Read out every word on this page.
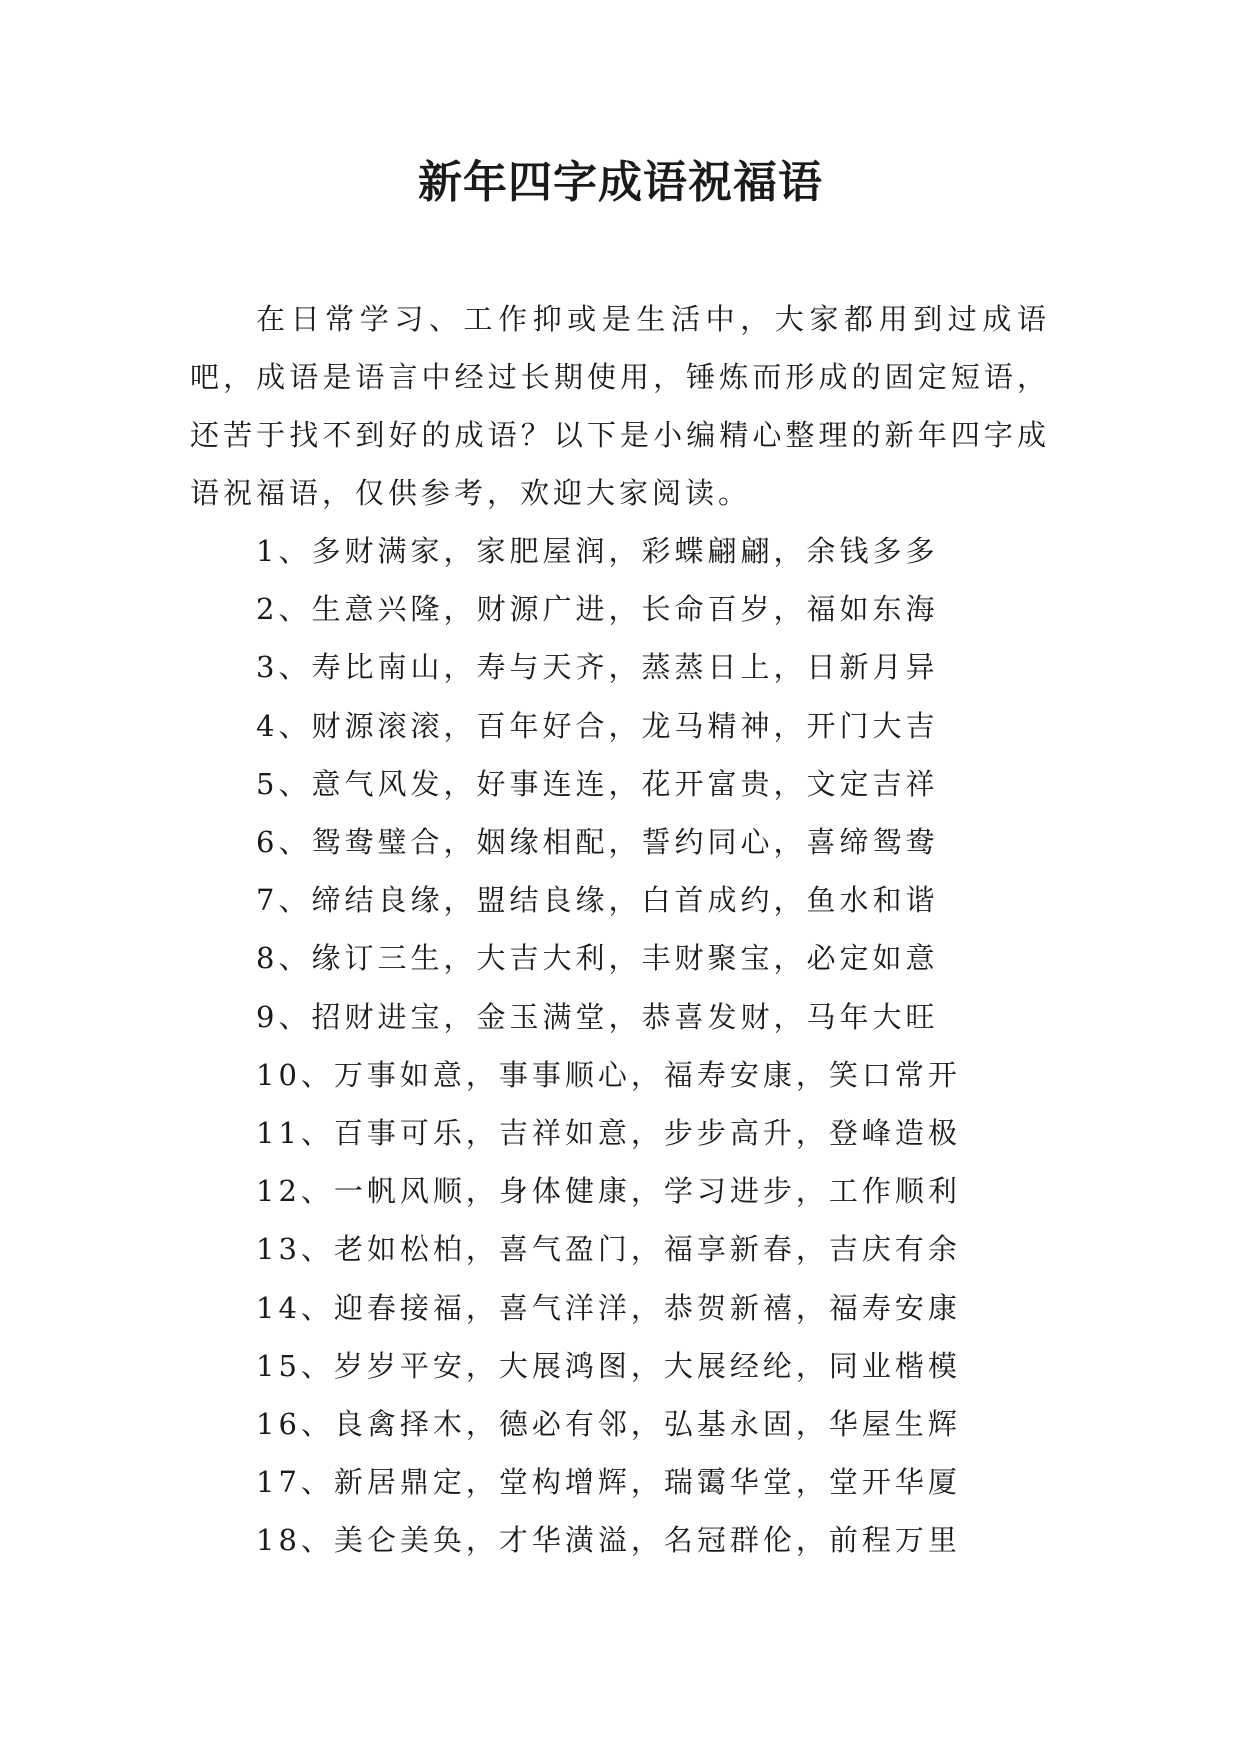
新年四字成语祝福语

在日常学习、工作抑或是生活中，大家都用到过成语吧，成语是语言中经过长期使用，锤炼而形成的固定短语，还苦于找不到好的成语？以下是小编精心整理的新年四字成语祝福语，仅供参考，欢迎大家阅读。

1、多财满家，家肥屋润，彩蝶翩翩，余钱多多
2、生意兴隆，财源广进，长命百岁，福如东海
3、寿比南山，寿与天齐，蒸蒸日上，日新月异
4、财源滚滚，百年好合，龙马精神，开门大吉
5、意气风发，好事连连，花开富贵，文定吉祥
6、鸳鸯璧合，姻缘相配，誓约同心，喜缔鸳鸯
7、缔结良缘，盟结良缘，白首成约，鱼水和谐
8、缘订三生，大吉大利，丰财聚宝，必定如意
9、招财进宝，金玉满堂，恭喜发财，马年大旺
10、万事如意，事事顺心，福寿安康，笑口常开
11、百事可乐，吉祥如意，步步高升，登峰造极
12、一帆风顺，身体健康，学习进步，工作顺利
13、老如松柏，喜气盈门，福享新春，吉庆有余
14、迎春接福，喜气洋洋，恭贺新禧，福寿安康
15、岁岁平安，大展鸿图，大展经纶，同业楷模
16、良禽择木，德必有邻，弘基永固，华屋生辉
17、新居鼎定，堂构增辉，瑞霭华堂，堂开华厦
18、美仑美奂，才华潢溢，名冠群伦，前程万里
